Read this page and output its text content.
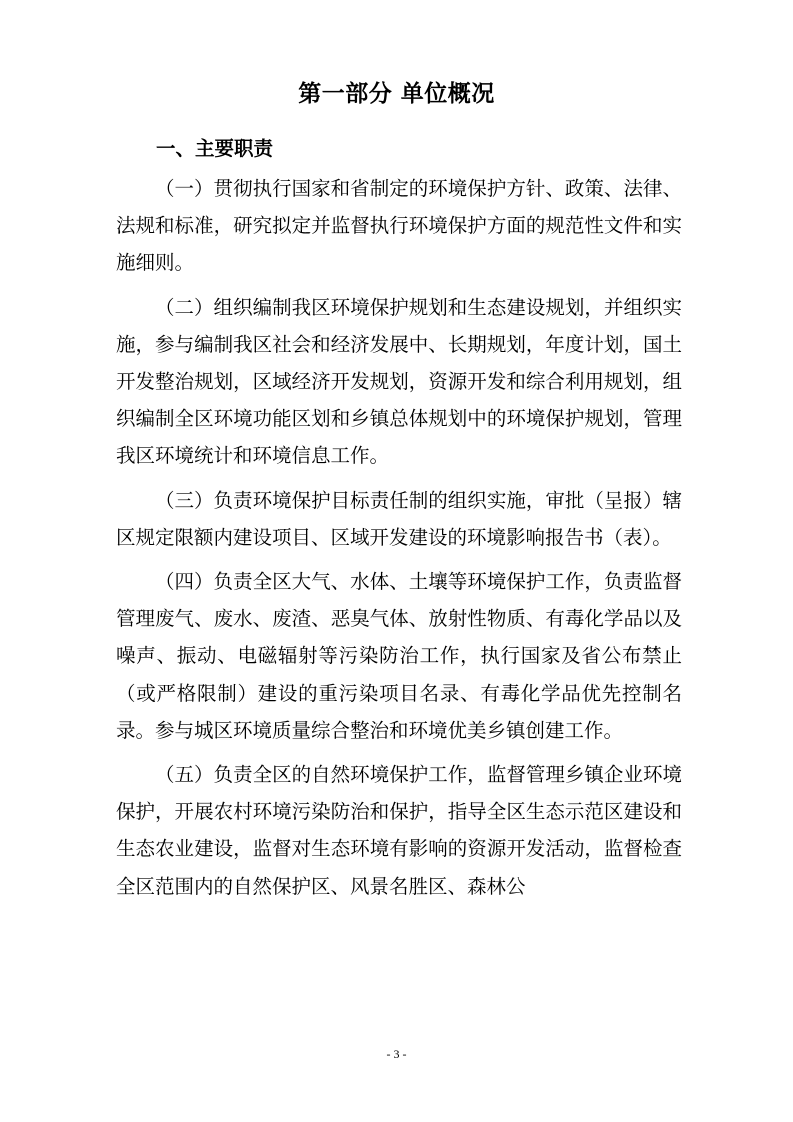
第一部分 单位概况
一、主要职责

（一）贯彻执行国家和省制定的环境保护方针、政策、法律、法规和标准，研究拟定并监督执行环境保护方面的规范性文件和实施细则。

（二）组织编制我区环境保护规划和生态建设规划，并组织实施，参与编制我区社会和经济发展中、长期规划，年度计划，国土开发整治规划，区域经济开发规划，资源开发和综合利用规划，组织编制全区环境功能区划和乡镇总体规划中的环境保护规划，管理我区环境统计和环境信息工作。

（三）负责环境保护目标责任制的组织实施，审批（呈报）辖区规定限额内建设项目、区域开发建设的环境影响报告书（表）。

（四）负责全区大气、水体、土壤等环境保护工作，负责监督管理废气、废水、废渣、恶臭气体、放射性物质、有毒化学品以及噪声、振动、电磁辐射等污染防治工作，执行国家及省公布禁止（或严格限制）建设的重污染项目名录、有毒化学品优先控制名录。参与城区环境质量综合整治和环境优美乡镇创建工作。

（五）负责全区的自然环境保护工作，监督管理乡镇企业环境保护，开展农村环境污染防治和保护，指导全区生态示范区建设和生态农业建设，监督对生态环境有影响的资源开发活动，监督检查全区范围内的自然保护区、风景名胜区、森林公

- 3 -
